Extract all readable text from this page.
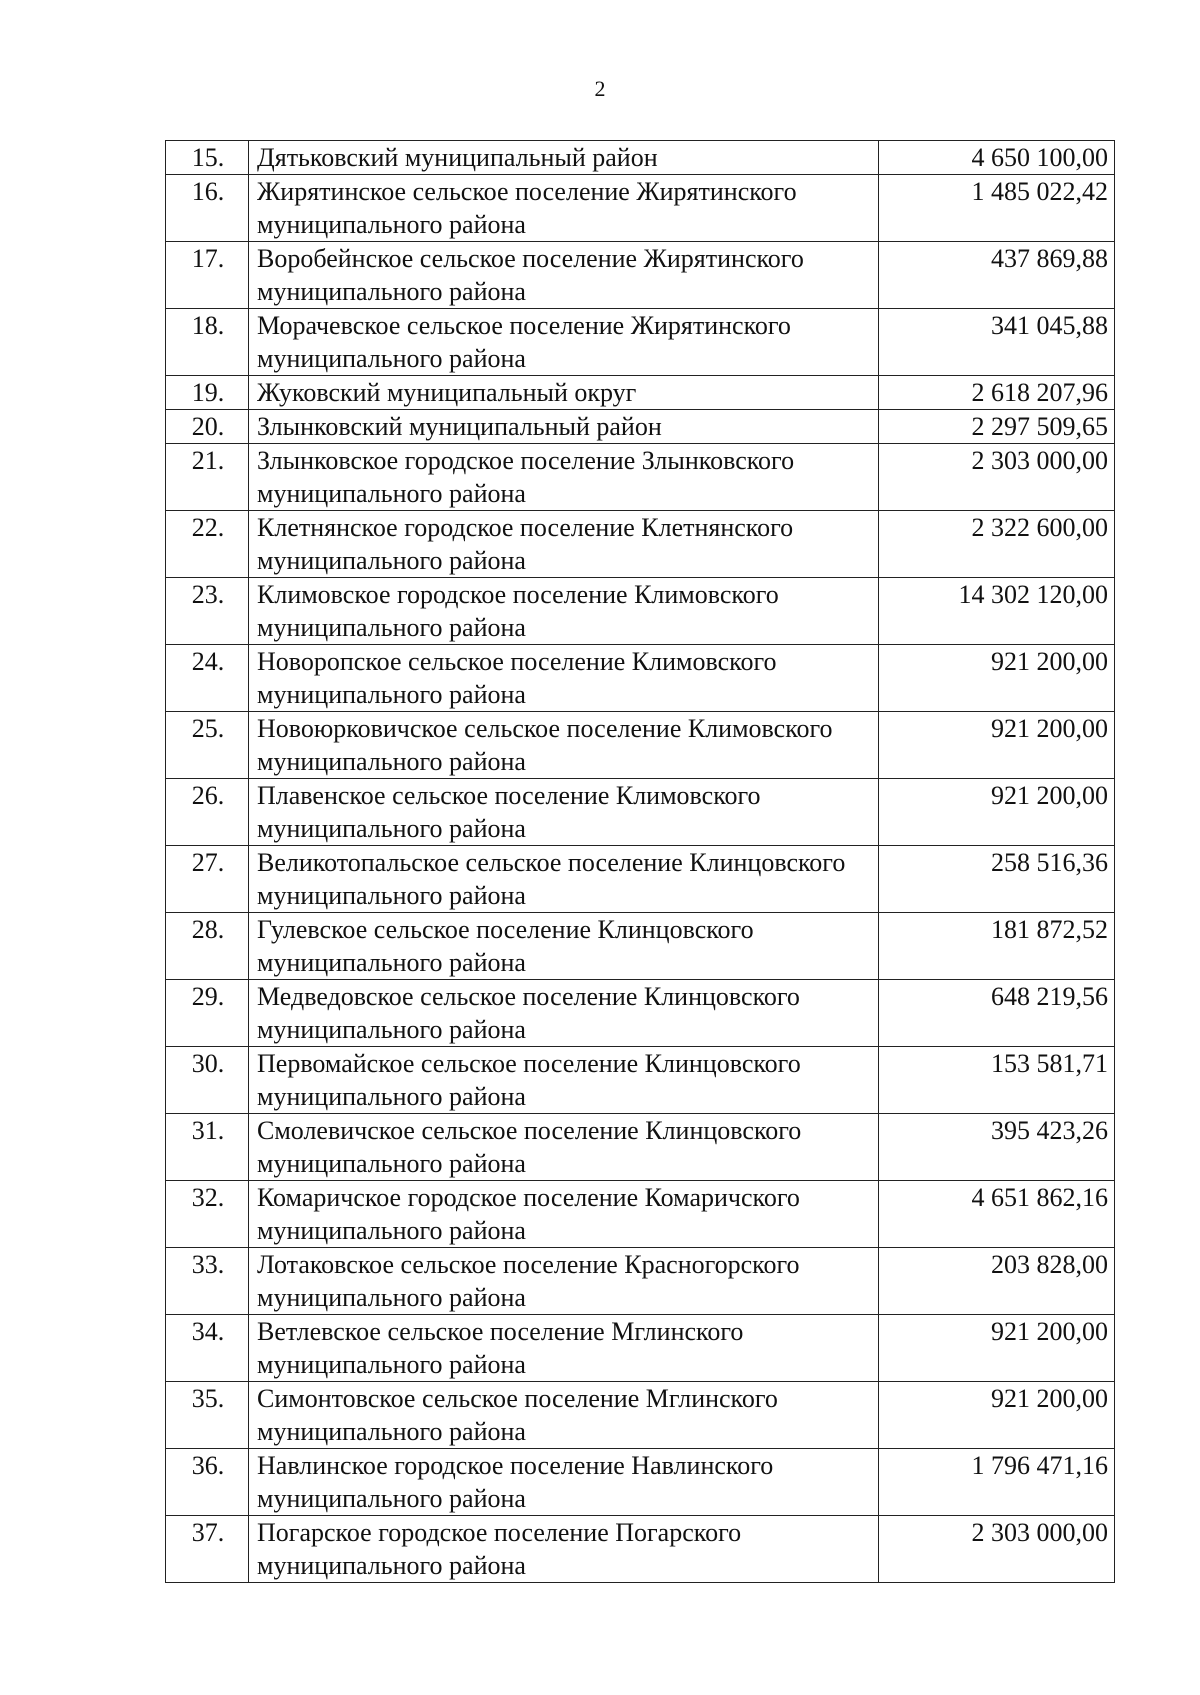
2
15.	Дятьковский муниципальный район	4 650 100,00
16.	Жирятинское сельское поселение Жирятинского муниципального района	1 485 022,42
17.	Воробейнское сельское поселение Жирятинского муниципального района	437 869,88
18.	Морачевское сельское поселение Жирятинского муниципального района	341 045,88
19.	Жуковский муниципальный округ	2 618 207,96
20.	Злынковский муниципальный район	2 297 509,65
21.	Злынковское городское поселение Злынковского муниципального района	2 303 000,00
22.	Клетнянское городское поселение Клетнянского муниципального района	2 322 600,00
23.	Климовское городское поселение Климовского муниципального района	14 302 120,00
24.	Новоропское сельское поселение Климовского муниципального района	921 200,00
25.	Новоюрковичское сельское поселение Климовского муниципального района	921 200,00
26.	Плавенское сельское поселение Климовского муниципального района	921 200,00
27.	Великотопальское сельское поселение Клинцовского муниципального района	258 516,36
28.	Гулевское сельское поселение Клинцовского муниципального района	181 872,52
29.	Медведовское сельское поселение Клинцовского муниципального района	648 219,56
30.	Первомайское сельское поселение Клинцовского муниципального района	153 581,71
31.	Смолевичское сельское поселение Клинцовского муниципального района	395 423,26
32.	Комаричское городское поселение Комаричского муниципального района	4 651 862,16
33.	Лотаковское сельское поселение Красногорского муниципального района	203 828,00
34.	Ветлевское сельское поселение Мглинского муниципального района	921 200,00
35.	Симонтовское сельское поселение Мглинского муниципального района	921 200,00
36.	Навлинское городское поселение Навлинского муниципального района	1 796 471,16
37.	Погарское городское поселение Погарского муниципального района	2 303 000,00
